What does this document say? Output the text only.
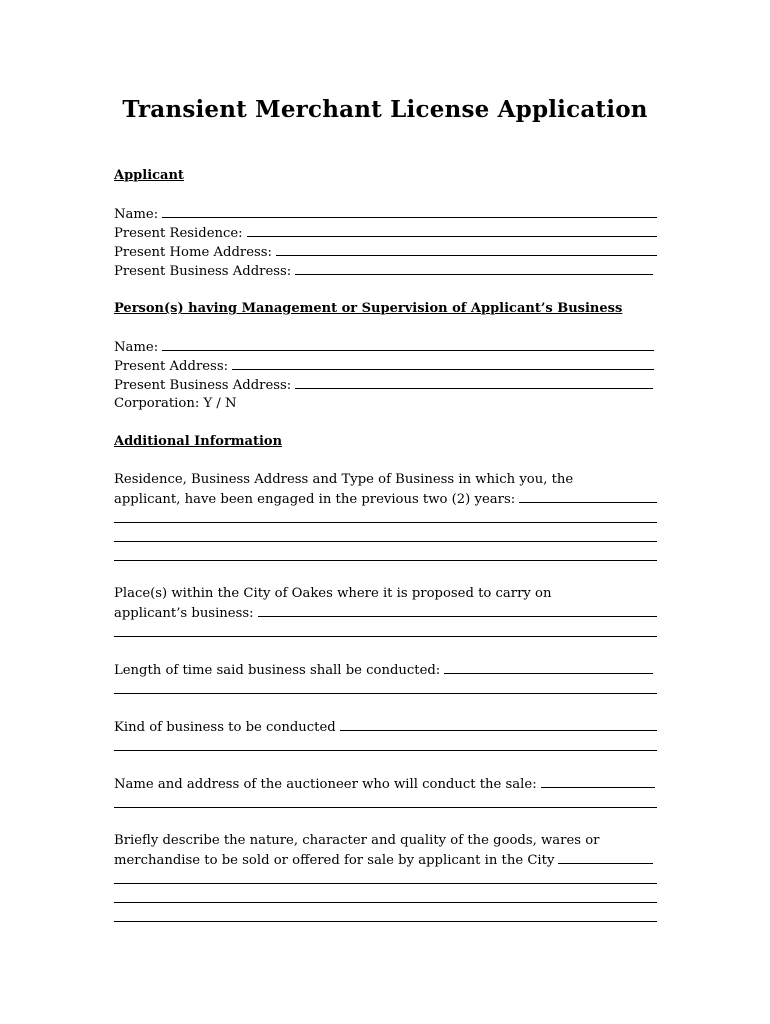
Transient Merchant License Application
Applicant
Name:
Present Residence:
Present Home Address:
Present Business Address:
Person(s) having Management or Supervision of Applicant’s Business
Name:
Present Address:
Present Business Address:
Corporation: Y / N
Additional Information
Residence, Business Address and Type of Business in which you, the
applicant, have been engaged in the previous two (2) years:
Place(s) within the City of Oakes where it is proposed to carry on
applicant’s business:
Length of time said business shall be conducted:
Kind of business to be conducted
Name and address of the auctioneer who will conduct the sale:
Briefly describe the nature, character and quality of the goods, wares or
merchandise to be sold or offered for sale by applicant in the City
